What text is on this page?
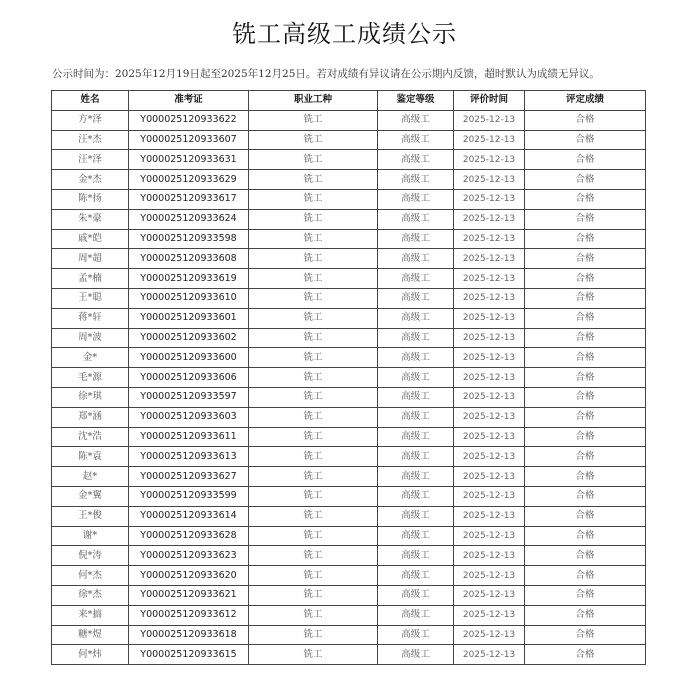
铣工高级工成绩公示
公示时间为：2025年12月19日起至2025年12月25日。若对成绩有异议请在公示期内反馈，超时默认为成绩无异议。
姓名	准考证	职业工种	鉴定等级	评价时间	评定成绩
方*泽	Y000025120933622	铣工	高级工	2025-12-13	合格
汪*杰	Y000025120933607	铣工	高级工	2025-12-13	合格
汪*泽	Y000025120933631	铣工	高级工	2025-12-13	合格
金*杰	Y000025120933629	铣工	高级工	2025-12-13	合格
陈*扬	Y000025120933617	铣工	高级工	2025-12-13	合格
朱*豪	Y000025120933624	铣工	高级工	2025-12-13	合格
戚*皑	Y000025120933598	铣工	高级工	2025-12-13	合格
周*超	Y000025120933608	铣工	高级工	2025-12-13	合格
孟*楠	Y000025120933619	铣工	高级工	2025-12-13	合格
王*聪	Y000025120933610	铣工	高级工	2025-12-13	合格
蒋*轩	Y000025120933601	铣工	高级工	2025-12-13	合格
周*波	Y000025120933602	铣工	高级工	2025-12-13	合格
金*	Y000025120933600	铣工	高级工	2025-12-13	合格
毛*源	Y000025120933606	铣工	高级工	2025-12-13	合格
徐*琪	Y000025120933597	铣工	高级工	2025-12-13	合格
郑*涵	Y000025120933603	铣工	高级工	2025-12-13	合格
沈*浩	Y000025120933611	铣工	高级工	2025-12-13	合格
陈*袁	Y000025120933613	铣工	高级工	2025-12-13	合格
赵*	Y000025120933627	铣工	高级工	2025-12-13	合格
金*翼	Y000025120933599	铣工	高级工	2025-12-13	合格
王*俊	Y000025120933614	铣工	高级工	2025-12-13	合格
谢*	Y000025120933628	铣工	高级工	2025-12-13	合格
倪*涛	Y000025120933623	铣工	高级工	2025-12-13	合格
何*杰	Y000025120933620	铣工	高级工	2025-12-13	合格
徐*杰	Y000025120933621	铣工	高级工	2025-12-13	合格
来*搞	Y000025120933612	铣工	高级工	2025-12-13	合格
糖*煜	Y000025120933618	铣工	高级工	2025-12-13	合格
何*炜	Y000025120933615	铣工	高级工	2025-12-13	合格
